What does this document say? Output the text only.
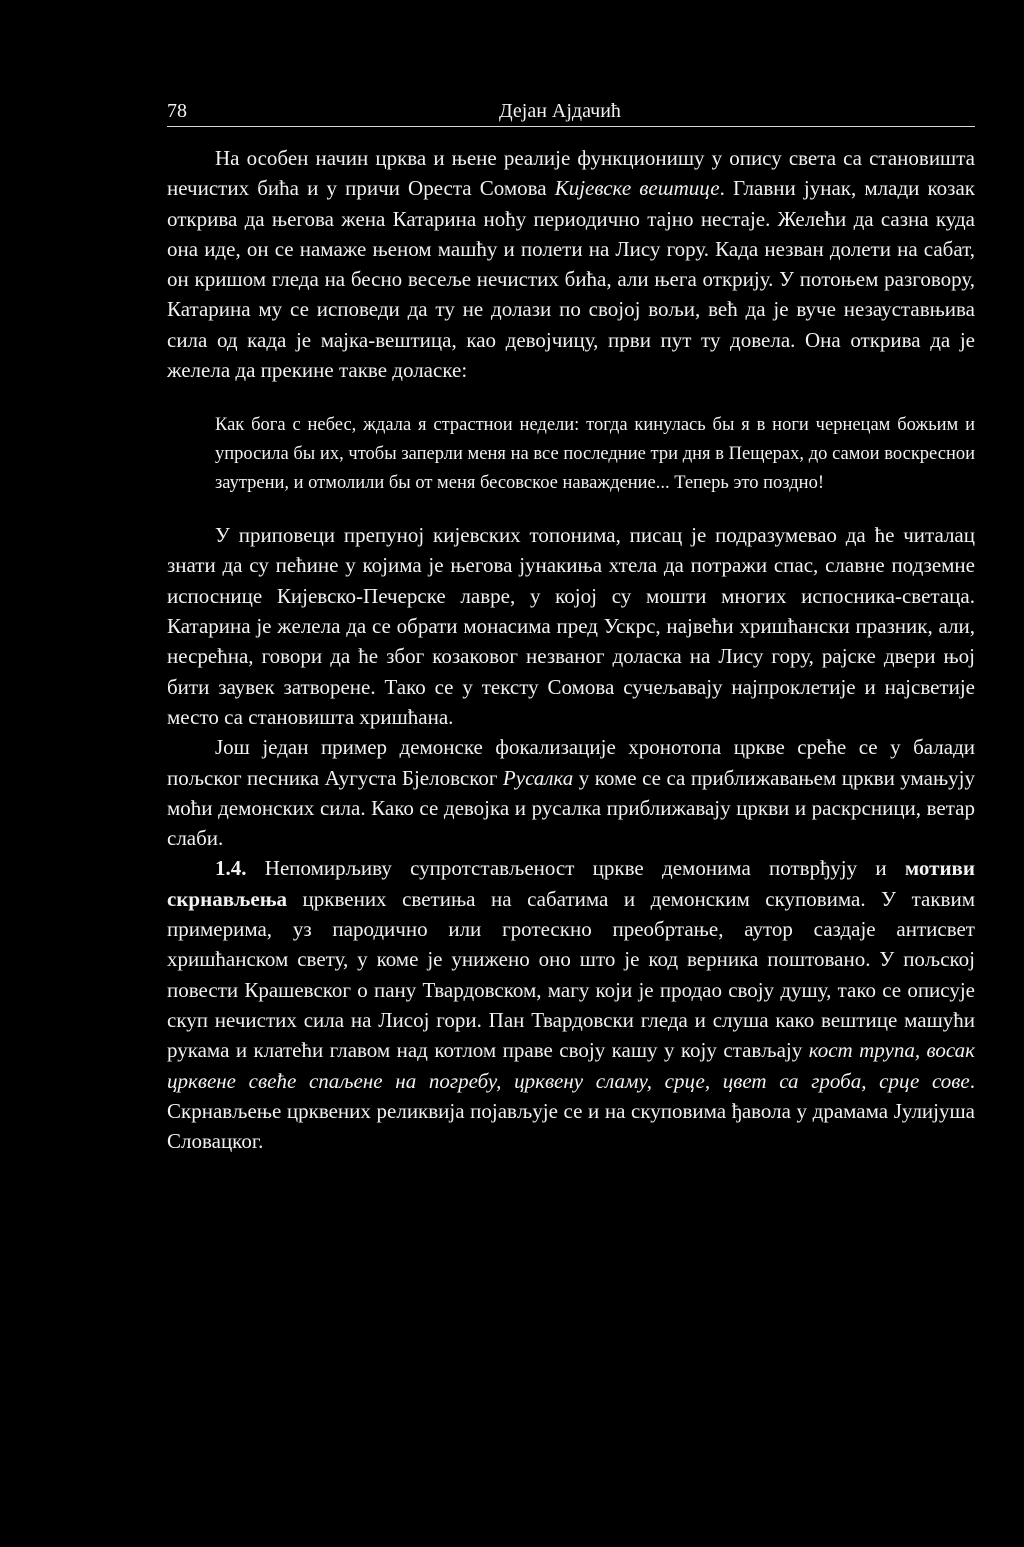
78	Дејан Ајдачић

На особен начин црква и њене реалије функционишу у опису света са становишта нечистих бића и у причи Ореста Сомова Кијевске вештице. Главни јунак, млади козак открива да његова жена Катарина ноћу периодично тајно нестаје. Желећи да сазна куда она иде, он се намаже њеном машћу и полети на Лису гору. Када незван долети на сабат, он кришом гледа на бесно весеље нечистих бића, али њега открију. У потоњем разговору, Катарина му се исповеди да ту не долази по својој вољи, већ да је вуче незауставњива сила од када је мајка-вештица, као девојчицу, први пут ту довела. Она открива да је желела да прекине такве доласке:

Как бога с небес, ждала я страстнои недели: тогда кинулась бы я в ноги чернецам божьим и упросила бы их, чтобы заперли меня на все последние три дня в Пещерах, до самои воскреснои заутрени, и отмолили бы от меня бесовское наваждение... Теперь это поздно!

У приповеци препуној кијевских топонима, писац је подразумевао да ће читалац знати да су пећине у којима је његова јунакиња хтела да потражи спас, славне подземне испоснице Кијевско-Печерске лавре, у којој су мошти многих испосника-светаца. Катарина је желела да се обрати монасима пред Ускрс, највећи хришћански празник, али, несрећна, говори да ће због козаковог незваног доласка на Лису гору, рајске двери њој бити заувек затворене. Тако се у тексту Сомова сучељавају најпроклетије и најсветије место са становишта хришћана.

Још један пример демонске фокализације хронотопа цркве среће се у балади пољског песника Аугуста Бјеловског Русалка у коме се са приближавањем цркви умањују моћи демонских сила. Како се девојка и русалка приближавају цркви и раскрсници, ветар слаби.

1.4. Непомирљиву супротстављеност цркве демонима потврђују и мотиви скрнављења црквених светиња на сабатима и демонским скуповима. У таквим примерима, уз пародично или гротескно преобртање, аутор саздаје антисвет хришћанском свету, у коме је унижено оно што је код верника поштовано. У пољској повести Крашевског о пану Твардовском, магу који је продао своју душу, тако се описује скуп нечистих сила на Лисој гори. Пан Твардовски гледа и слуша како вештице машући рукама и клатећи главом над котлом праве своју кашу у коју стављају кост трупа, восак црквене свеће спаљене на погребу, црквену сламу, срце, цвет са гроба, срце сове. Скрнављење црквених реликвија појављује се и на скуповима ђавола у драмама Јулијуша Словацког.
